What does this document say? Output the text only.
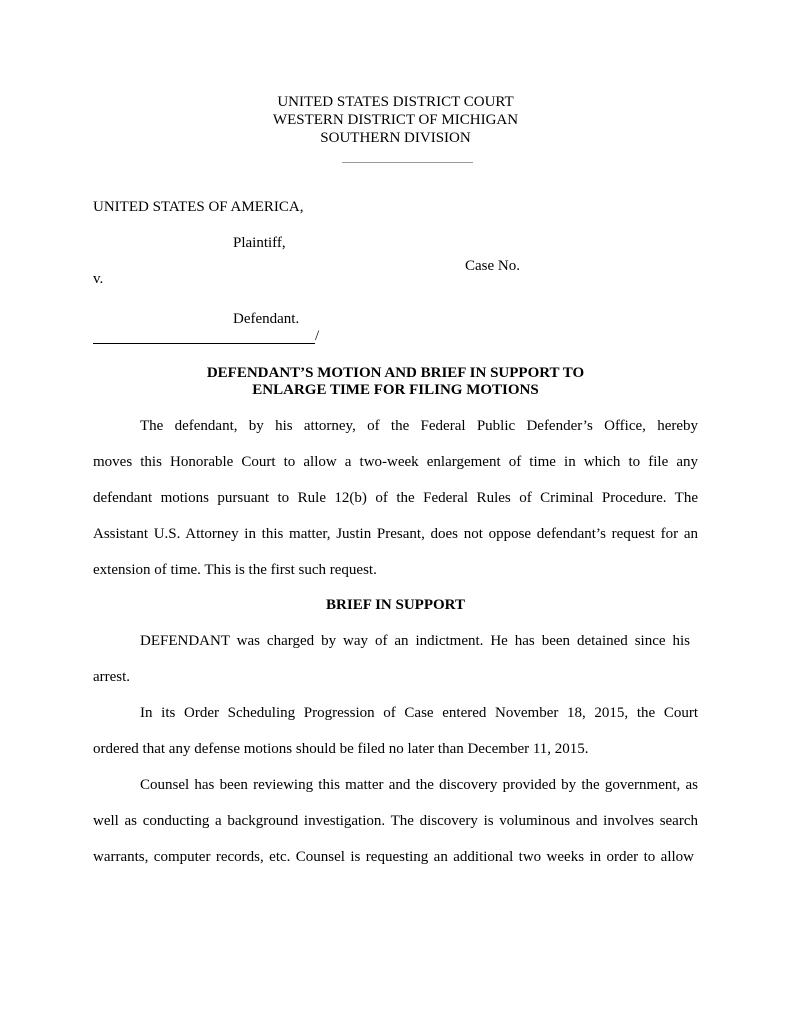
UNITED STATES DISTRICT COURT
WESTERN DISTRICT OF MICHIGAN
SOUTHERN DIVISION
UNITED STATES OF AMERICA,
Plaintiff,
Case No.
v.
Defendant.
/
DEFENDANT’S MOTION AND BRIEF IN SUPPORT TO
ENLARGE TIME FOR FILING MOTIONS
The defendant, by his attorney, of the Federal Public Defender’s Office, hereby
moves this Honorable Court to allow a two-week enlargement of time in which to file any
defendant motions pursuant to Rule 12(b) of the Federal Rules of Criminal Procedure. The
Assistant U.S. Attorney in this matter, Justin Presant, does not oppose defendant’s request for an
extension of time. This is the first such request.
BRIEF IN SUPPORT
DEFENDANT was charged by way of an indictment. He has been detained since his
arrest.
In its Order Scheduling Progression of Case entered November 18, 2015, the Court
ordered that any defense motions should be filed no later than December 11, 2015.
Counsel has been reviewing this matter and the discovery provided by the government, as
well as conducting a background investigation. The discovery is voluminous and involves search
warrants, computer records, etc. Counsel is requesting an additional two weeks in order to allow
